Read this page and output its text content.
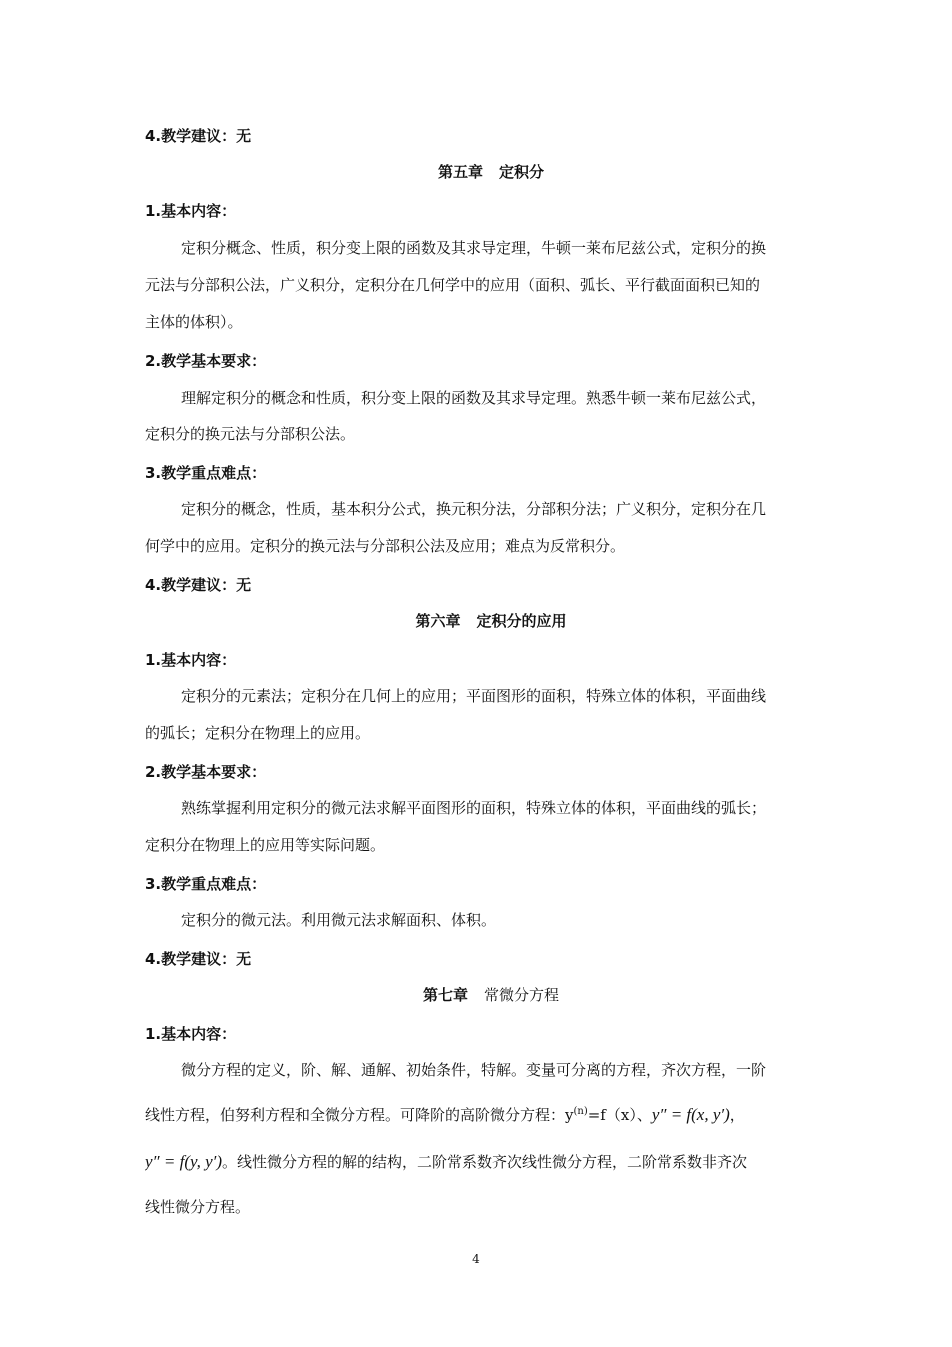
4.教学建议：无
第五章 定积分
1.基本内容：
定积分概念、性质，积分变上限的函数及其求导定理，牛顿一莱布尼兹公式，定积分的换
元法与分部积公法，广义积分，定积分在几何学中的应用（面积、弧长、平行截面面积已知的
主体的体积）。
2.教学基本要求：
理解定积分的概念和性质，积分变上限的函数及其求导定理。熟悉牛顿一莱布尼兹公式，
定积分的换元法与分部积公法。
3.教学重点难点：
定积分的概念，性质，基本积分公式，换元积分法，分部积分法；广义积分，定积分在几
何学中的应用。定积分的换元法与分部积公法及应用；难点为反常积分。
4.教学建议：无
第六章 定积分的应用
1.基本内容：
定积分的元素法；定积分在几何上的应用；平面图形的面积，特殊立体的体积，平面曲线
的弧长；定积分在物理上的应用。
2.教学基本要求：
熟练掌握利用定积分的微元法求解平面图形的面积，特殊立体的体积，平面曲线的弧长；
定积分在物理上的应用等实际问题。
3.教学重点难点：
定积分的微元法。利用微元法求解面积、体积。
4.教学建议：无
第七章 常微分方程
1.基本内容：
微分方程的定义，阶、解、通解、初始条件，特解。变量可分离的方程，齐次方程，一阶
线性方程，伯努利方程和全微分方程。可降阶的高阶微分方程：$y^{(n)}=f(x)$、y″ = f(x, y′)，
y″ = f(y, y′)。线性微分方程的解的结构，二阶常系数齐次线性微分方程，二阶常系数非齐次
线性微分方程。
4
